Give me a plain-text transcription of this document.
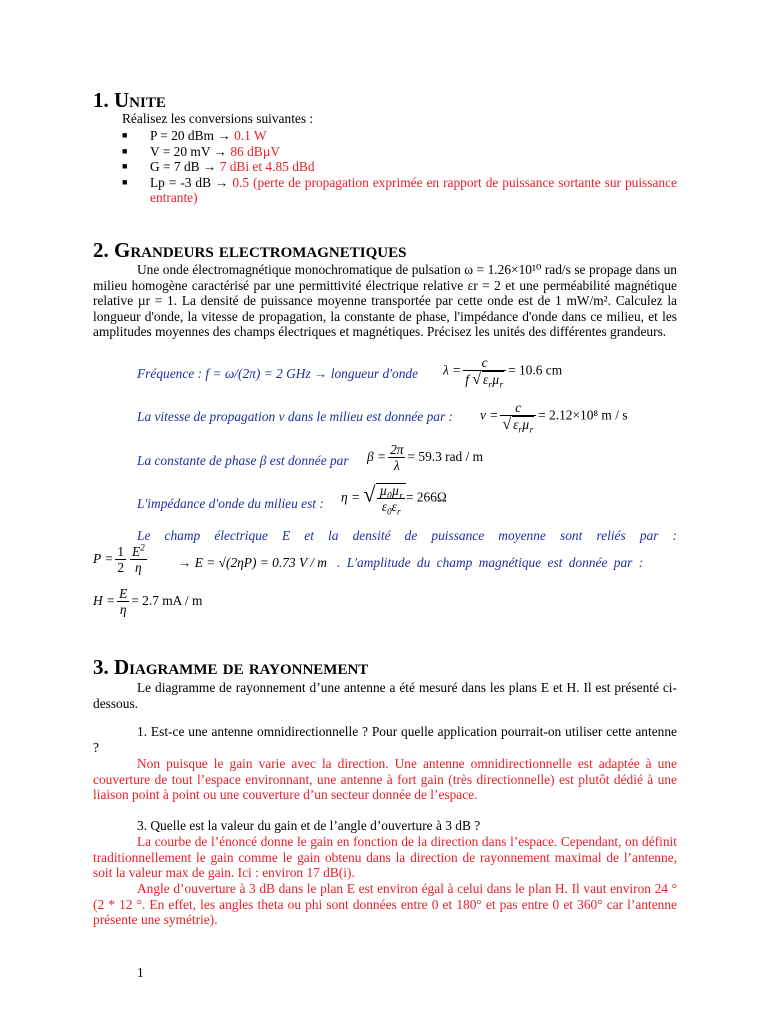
1. Unite
Réalisez les conversions suivantes :
■ P = 20 dBm → 0.1 W
■ V = 20 mV → 86 dBµV
■ G = 7 dB → 7 dBi et 4.85 dBd
■ Lp = -3 dB → 0.5 (perte de propagation exprimée en rapport de puissance sortante sur puissance entrante)
2. Grandeurs electromagnetiques
Une onde électromagnétique monochromatique de pulsation ω = 1.26×10¹⁰ rad/s se propage dans un milieu homogène caractérisé par une permittivité électrique relative εr = 2 et une perméabilité magnétique relative µr = 1. La densité de puissance moyenne transportée par cette onde est de 1 mW/m². Calculez la longueur d'onde, la vitesse de propagation, la constante de phase, l'impédance d'onde dans ce milieu, et les amplitudes moyennes des champs électriques et magnétiques. Précisez les unités des différentes grandeurs.
Fréquence : f = ω/(2π) = 2 GHz → longueur d'onde $\lambda = \frac{c}{f √ \varepsilon_r\mu_r} = 10.6$ cm
La vitesse de propagation v dans le milieu est donnée par : $v = \frac{c}{√ \varepsilon_r\mu_r} = 2.12\times 10^8$ m / s
La constante de phase β est donnée par $\beta = \frac{2\pi}{\lambda} = 59.3$ rad / m
L'impédance d'onde du milieu est : η = √ $\frac{\mu_0\mu_r}{\varepsilon_0\varepsilon_r} = 266\Omega$
Le champ électrique E et la densité de puissance moyenne sont reliés par :
$P = \frac{1}{2} \frac{E^2}{\eta} \to E = √(2\eta P) = 0.73$ V / m . L'amplitude du champ magnétique est donnée par :
$H = \frac{E}{\eta} = 2.7$ mA / m
3. Diagramme de rayonnement
Le diagramme de rayonnement d’une antenne a été mesuré dans les plans E et H. Il est présenté ci-dessous.
1. Est-ce une antenne omnidirectionnelle ? Pour quelle application pourrait-on utiliser cette antenne ?
Non puisque le gain varie avec la direction. Une antenne omnidirectionnelle est adaptée à une couverture de tout l’espace environnant, une antenne à fort gain (très directionnelle) est plutôt dédié à une liaison point à point ou une couverture d’un secteur donnée de l’espace.
3. Quelle est la valeur du gain et de l’angle d’ouverture à 3 dB ?
La courbe de l’énoncé donne le gain en fonction de la direction dans l’espace. Cependant, on définit traditionnellement le gain comme le gain obtenu dans la direction de rayonnement maximal de l’antenne, soit la valeur max de gain. Ici : environ 17 dB(i).
Angle d’ouverture à 3 dB dans le plan E est environ égal à celui dans le plan H. Il vaut environ 24 ° (2 * 12 °. En effet, les angles theta ou phi sont données entre 0 et 180° et pas entre 0 et 360° car l’antenne présente une symétrie).
1
